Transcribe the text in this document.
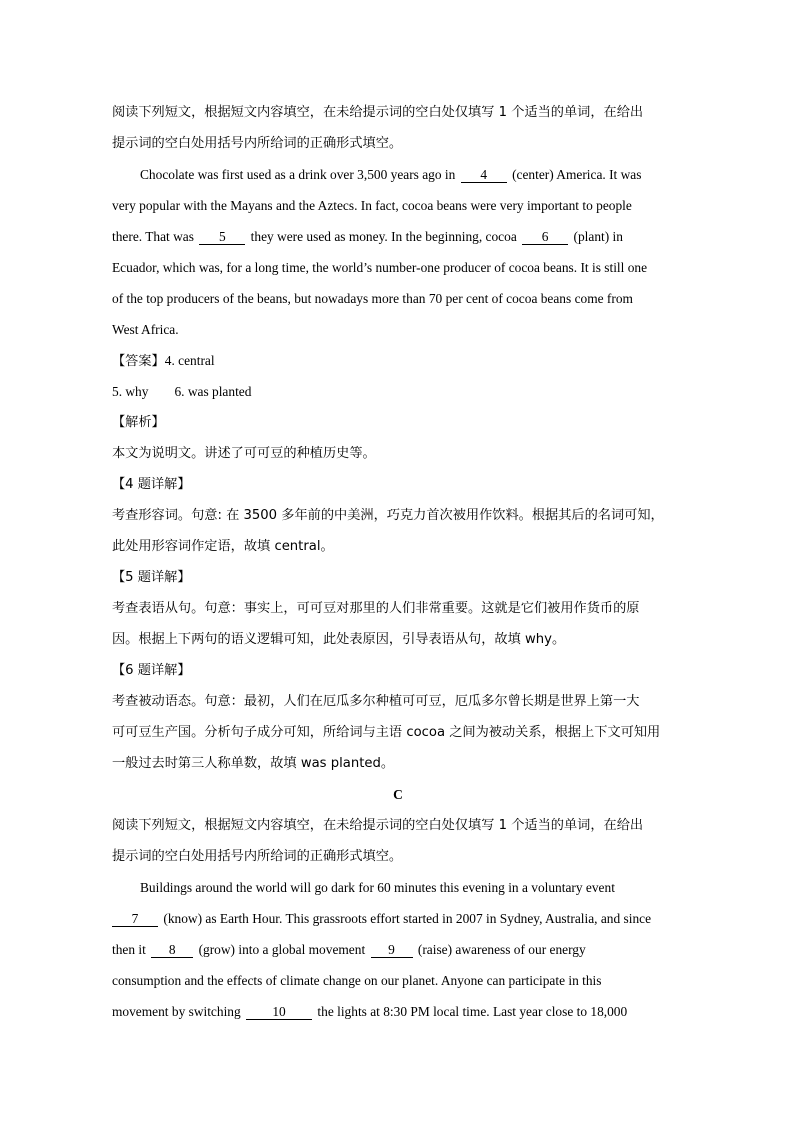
阅读下列短文，根据短文内容填空，在未给提示词的空白处仅填写 1 个适当的单词，在给出
提示词的空白处用括号内所给词的正确形式填空。
Chocolate was first used as a drink over 3,500 years ago in 4 (center) America. It was
very popular with the Mayans and the Aztecs. In fact, cocoa beans were very important to people
there. That was 5 they were used as money. In the beginning, cocoa 6 (plant) in
Ecuador, which was, for a long time, the world’s number-one producer of cocoa beans. It is still one
of the top producers of the beans, but nowadays more than 70 per cent of cocoa beans come from
West Africa.
【答案】4. central
5. why 6. was planted
【解析】
本文为说明文。讲述了可可豆的种植历史等。
【4 题详解】
考查形容词。句意: 在 3500 多年前的中美洲，巧克力首次被用作饮料。根据其后的名词可知，
此处用形容词作定语，故填 central。
【5 题详解】
考查表语从句。句意：事实上，可可豆对那里的人们非常重要。这就是它们被用作货币的原
因。根据上下两句的语义逻辑可知，此处表原因，引导表语从句，故填 why。
【6 题详解】
考查被动语态。句意：最初，人们在厄瓜多尔种植可可豆，厄瓜多尔曾长期是世界上第一大
可可豆生产国。分析句子成分可知，所给词与主语 cocoa 之间为被动关系，根据上下文可知用
一般过去时第三人称单数，故填 was planted。
C
阅读下列短文，根据短文内容填空，在未给提示词的空白处仅填写 1 个适当的单词，在给出
提示词的空白处用括号内所给词的正确形式填空。
Buildings around the world will go dark for 60 minutes this evening in a voluntary event
7 (know) as Earth Hour. This grassroots effort started in 2007 in Sydney, Australia, and since
then it 8 (grow) into a global movement 9 (raise) awareness of our energy
consumption and the effects of climate change on our planet. Anyone can participate in this
movement by switching 10 the lights at 8:30 PM local time. Last year close to 18,000
